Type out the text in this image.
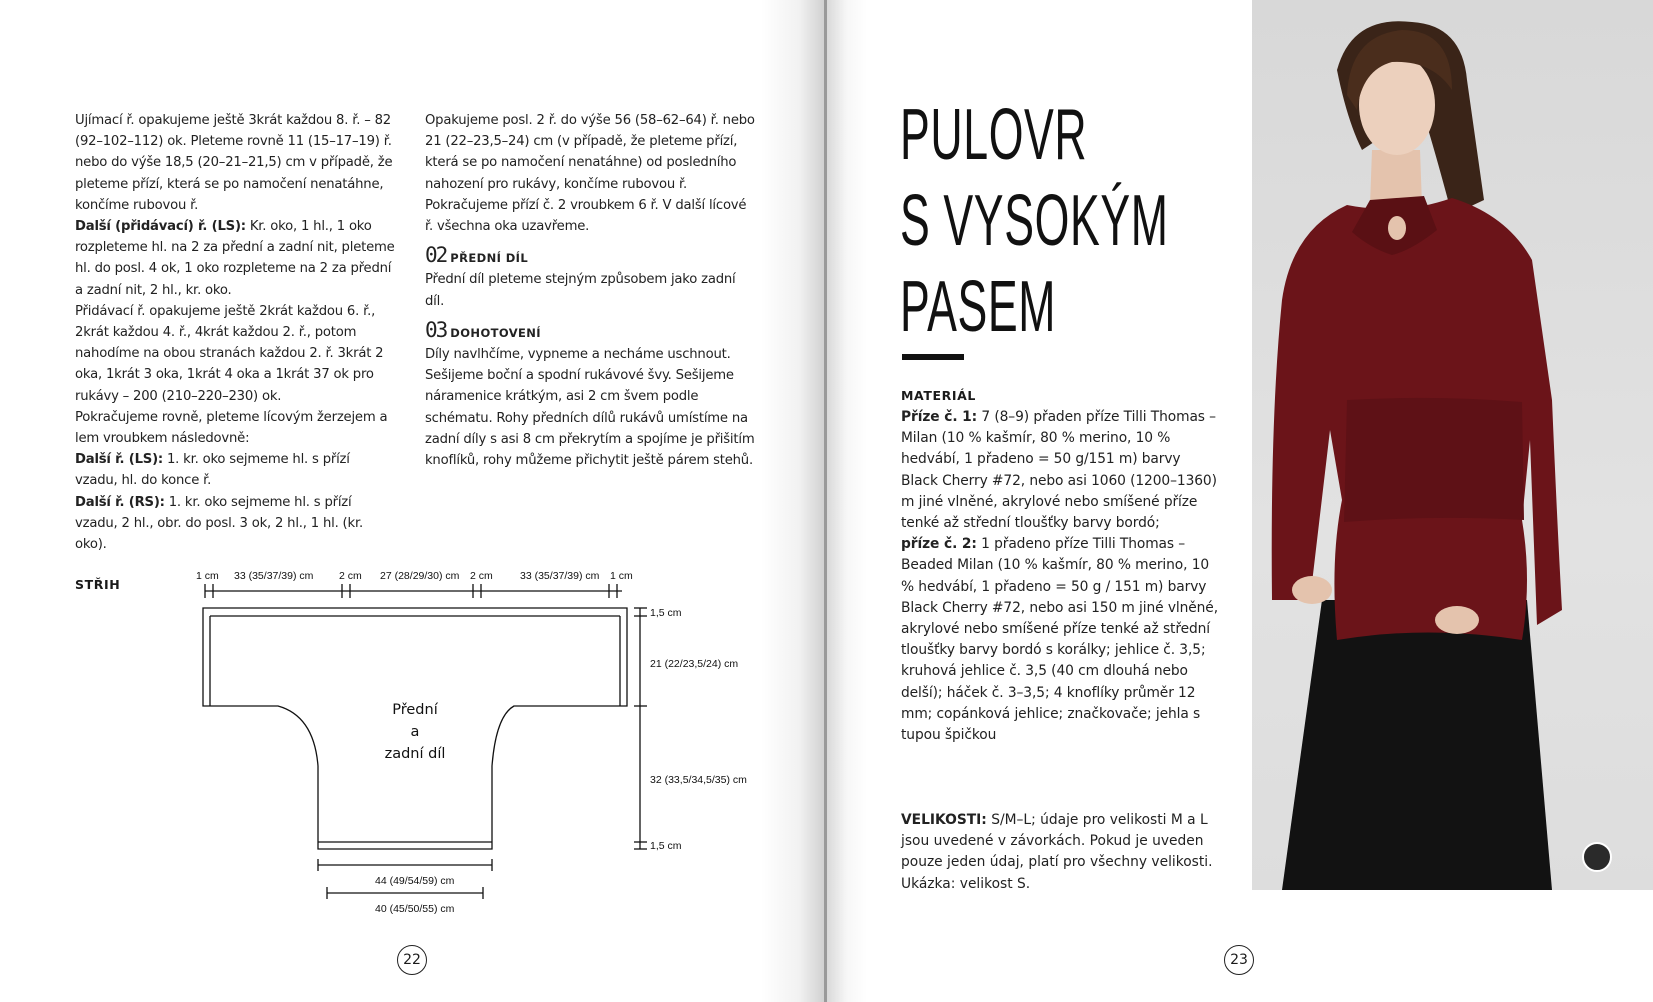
Ujímací ř. opakujeme ještě 3krát každou 8. ř. – 82 (92–102–112) ok. Pleteme rovně 11 (15–17–19) ř. nebo do výše 18,5 (20–21–21,5) cm v případě, že pleteme přízí, která se po namočení nenatáhne, končíme rubovou ř.

Další (přidávací) ř. (LS): Kr. oko, 1 hl., 1 oko rozpleteme hl. na 2 za přední a zadní nit, pleteme hl. do posl. 4 ok, 1 oko rozpleteme na 2 za přední a zadní nit, 2 hl., kr. oko.

Přidávací ř. opakujeme ještě 2krát každou 6. ř., 2krát každou 4. ř., 4krát každou 2. ř., potom nahodíme na obou stranách každou 2. ř. 3krát 2 oka, 1krát 3 oka, 1krát 4 oka a 1krát 37 ok pro rukávy – 200 (210–220–230) ok.

Pokračujeme rovně, pleteme lícovým žerzejem a lem vroubkem následovně:

Další ř. (LS): 1. kr. oko sejmeme hl. s přízí vzadu, hl. do konce ř.

Další ř. (RS): 1. kr. oko sejmeme hl. s přízí vzadu, 2 hl., obr. do posl. 3 ok, 2 hl., 1 hl. (kr. oko).

Opakujeme posl. 2 ř. do výše 56 (58–62–64) ř. nebo 21 (22–23,5–24) cm (v případě, že pleteme přízí, která se po namočení nenatáhne) od posledního nahození pro rukávy, končíme rubovou ř.

Pokračujeme přízí č. 2 vroubkem 6 ř. V další lícové ř. všechna oka uzavřeme.

02 PŘEDNÍ DÍL

Přední díl pleteme stejným způsobem jako zadní díl.

03 DOHOTOVENÍ

Díly navlhčíme, vypneme a necháme uschnout. Sešijeme boční a spodní rukávové švy. Sešijeme náramenice krátkým, asi 2 cm švem podle schématu. Rohy předních dílů rukávů umístíme na zadní díly s asi 8 cm překrytím a spojíme je přišitím knoflíků, rohy můžeme přichytit ještě párem stehů.

STŘIH
1 cm 33 (35/37/39) cm 2 cm 27 (28/29/30) cm 2 cm	33 (35/37/39) cm 1 cm
1,5 cm
21 (22/23,5/24) cm
32 (33,5/34,5/35) cm
1,5 cm
44 (49/54/59) cm
40 (45/50/55) cm
Přední
a
zadní díl
22
PULOVR
S VYSOKÝM
PASEM
MATERIÁL

Příze č. 1: 7 (8–9) přaden příze Tilli Thomas – Milan (10 % kašmír, 80 % merino, 10 % hedvábí, 1 přadeno = 50 g/151 m) barvy Black Cherry #72, nebo asi 1060 (1200–1360) m jiné vlněné, akrylové nebo smíšené příze tenké až střední tloušťky barvy bordó;

příze č. 2: 1 přadeno příze Tilli Thomas – Beaded Milan (10 % kašmír, 80 % merino, 10 % hedvábí, 1 přadeno = 50 g / 151 m) barvy Black Cherry #72, nebo asi 150 m jiné vlněné, akrylové nebo smíšené příze tenké až střední tloušťky barvy bordó s korálky; jehlice č. 3,5; kruhová jehlice č. 3,5 (40 cm dlouhá nebo delší); háček č. 3–3,5; 4 knoflíky průměr 12 mm; copánková jehlice; značkovače; jehla s tupou špičkou

VELIKOSTI: S/M–L; údaje pro velikosti M a L jsou uvedené v závorkách. Pokud je uveden pouze jeden údaj, platí pro všechny velikosti. Ukázka: velikost S.

23
